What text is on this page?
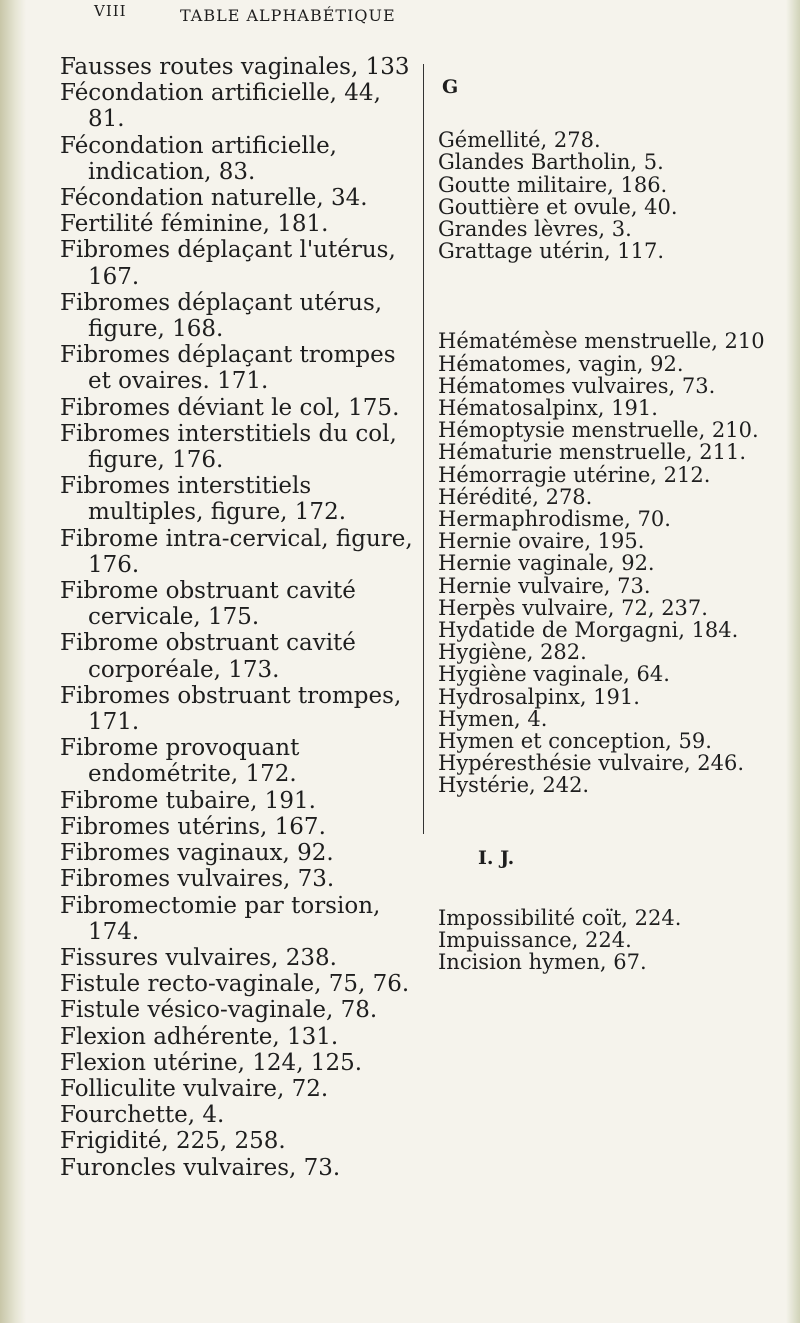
VIII	TABLE ALPHABÉTIQUE

Fausses routes vaginales, 133

Fécondation artificielle, 44, 81.

Fécondation artificielle, indication, 83.

Fécondation naturelle, 34.

Fertilité féminine, 181.

Fibromes déplaçant l'utérus, 167.

Fibromes déplaçant utérus, figure, 168.

Fibromes déplaçant trompes et ovaires. 171.

Fibromes déviant le col, 175.

Fibromes interstitiels du col, figure, 176.

Fibromes interstitiels multiples, figure, 172.

Fibrome intra-cervical, figure, 176.

Fibrome obstruant cavité cervicale, 175.

Fibrome obstruant cavité corporéale, 173.

Fibromes obstruant trompes, 171.

Fibrome provoquant endométrite, 172.

Fibrome tubaire, 191.

Fibromes utérins, 167.

Fibromes vaginaux, 92.

Fibromes vulvaires, 73.

Fibromectomie par torsion, 174.

Fissures vulvaires, 238.

Fistule recto-vaginale, 75, 76.

Fistule vésico-vaginale, 78.

Flexion adhérente, 131.

Flexion utérine, 124, 125.

Folliculite vulvaire, 72.

Fourchette, 4.

Frigidité, 225, 258.

Furoncles vulvaires, 73.

G

Gémellité, 278.

Glandes Bartholin, 5.

Goutte militaire, 186.

Gouttière et ovule, 40.

Grandes lèvres, 3.

Grattage utérin, 117.

Hématémèse menstruelle, 210

Hématomes, vagin, 92.

Hématomes vulvaires, 73.

Hématosalpinx, 191.

Hémoptysie menstruelle, 210.

Hématurie menstruelle, 211.

Hémorragie utérine, 212.

Hérédité, 278.

Hermaphrodisme, 70.

Hernie ovaire, 195.

Hernie vaginale, 92.

Hernie vulvaire, 73.

Herpès vulvaire, 72, 237.

Hydatide de Morgagni, 184.

Hygiène, 282.

Hygiène vaginale, 64.

Hydrosalpinx, 191.

Hymen, 4.

Hymen et conception, 59.

Hypéresthésie vulvaire, 246.

Hystérie, 242.

I. J.

Impossibilité coït, 224.

Impuissance, 224.

Incision hymen, 67.
